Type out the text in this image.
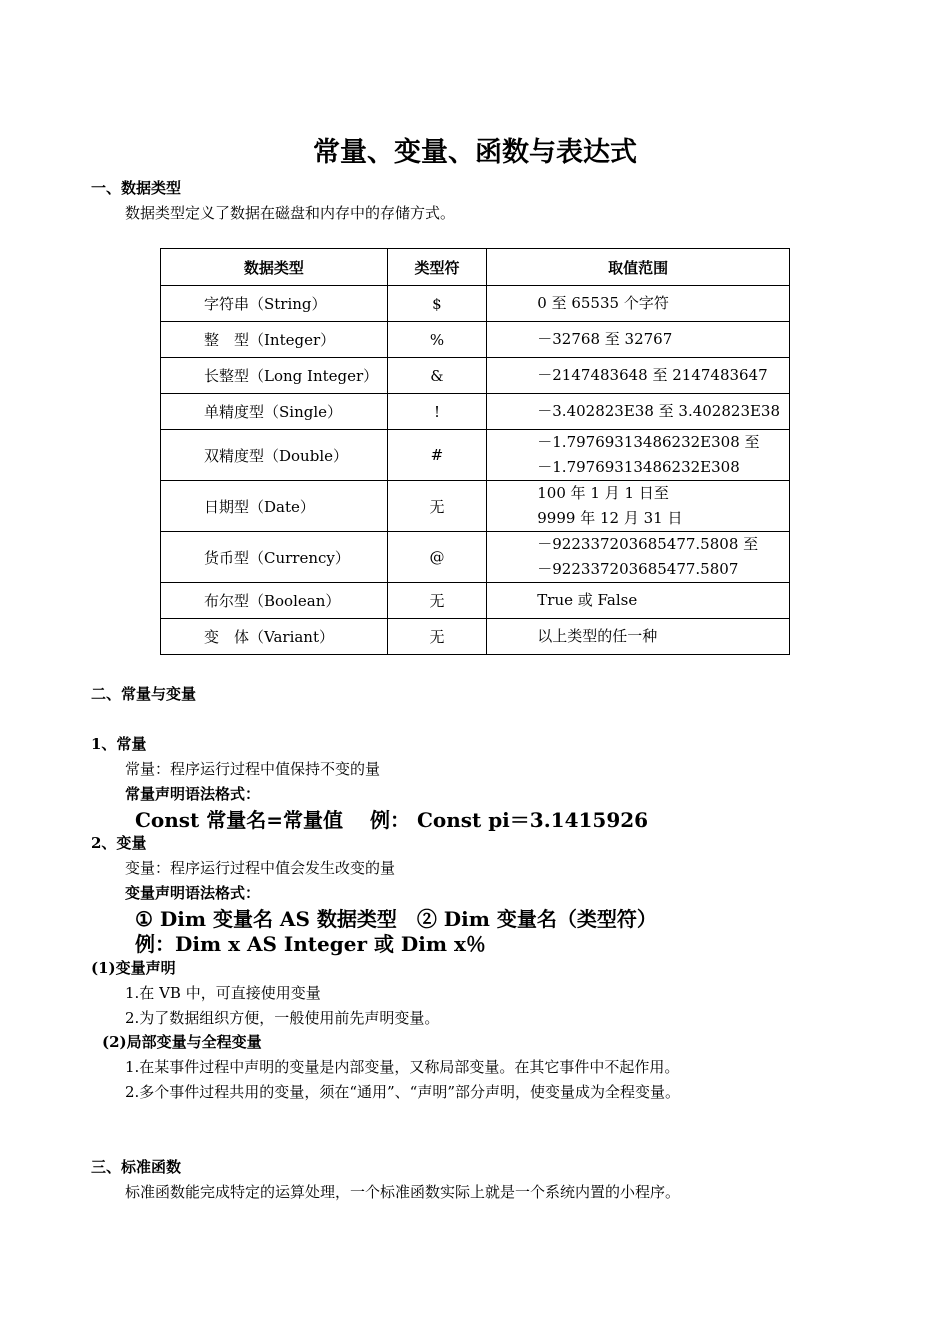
常量、变量、函数与表达式
一、数据类型
数据类型定义了数据在磁盘和内存中的存储方式。
数据类型	类型符	取值范围
字符串（String）	$	0 至 65535 个字符
整　型（Integer）	%	－32768 至 32767
长整型（Long Integer）	&	－2147483648 至 2147483647
单精度型（Single）	!	－3.402823E38 至 3.402823E38
双精度型（Double）	#	－1.79769313486232E308 至
－1.79769313486232E308

日期型（Date）	无	100 年 1 月 1 日至
9999 年 12 月 31 日

货币型（Currency）	@	－922337203685477.5808 至
－922337203685477.5807

布尔型（Boolean）	无	True 或 False
变　体（Variant）	无	以上类型的任一种
二、常量与变量
1、常量
常量：程序运行过程中值保持不变的量
常量声明语法格式：
Const 常量名=常量值　 例： Const pi＝3.1415926
2、变量
变量：程序运行过程中值会发生改变的量
变量声明语法格式：
① Dim 变量名 AS 数据类型　② Dim 变量名（类型符）
例：Dim x AS Integer 或 Dim x％
(1)变量声明
1.在 VB 中，可直接使用变量
2.为了数据组织方便，一般使用前先声明变量。
(2)局部变量与全程变量
1.在某事件过程中声明的变量是内部变量，又称局部变量。在其它事件中不起作用。
2.多个事件过程共用的变量，须在“通用”、“声明”部分声明，使变量成为全程变量。
三、标准函数
标准函数能完成特定的运算处理，一个标准函数实际上就是一个系统内置的小程序。
